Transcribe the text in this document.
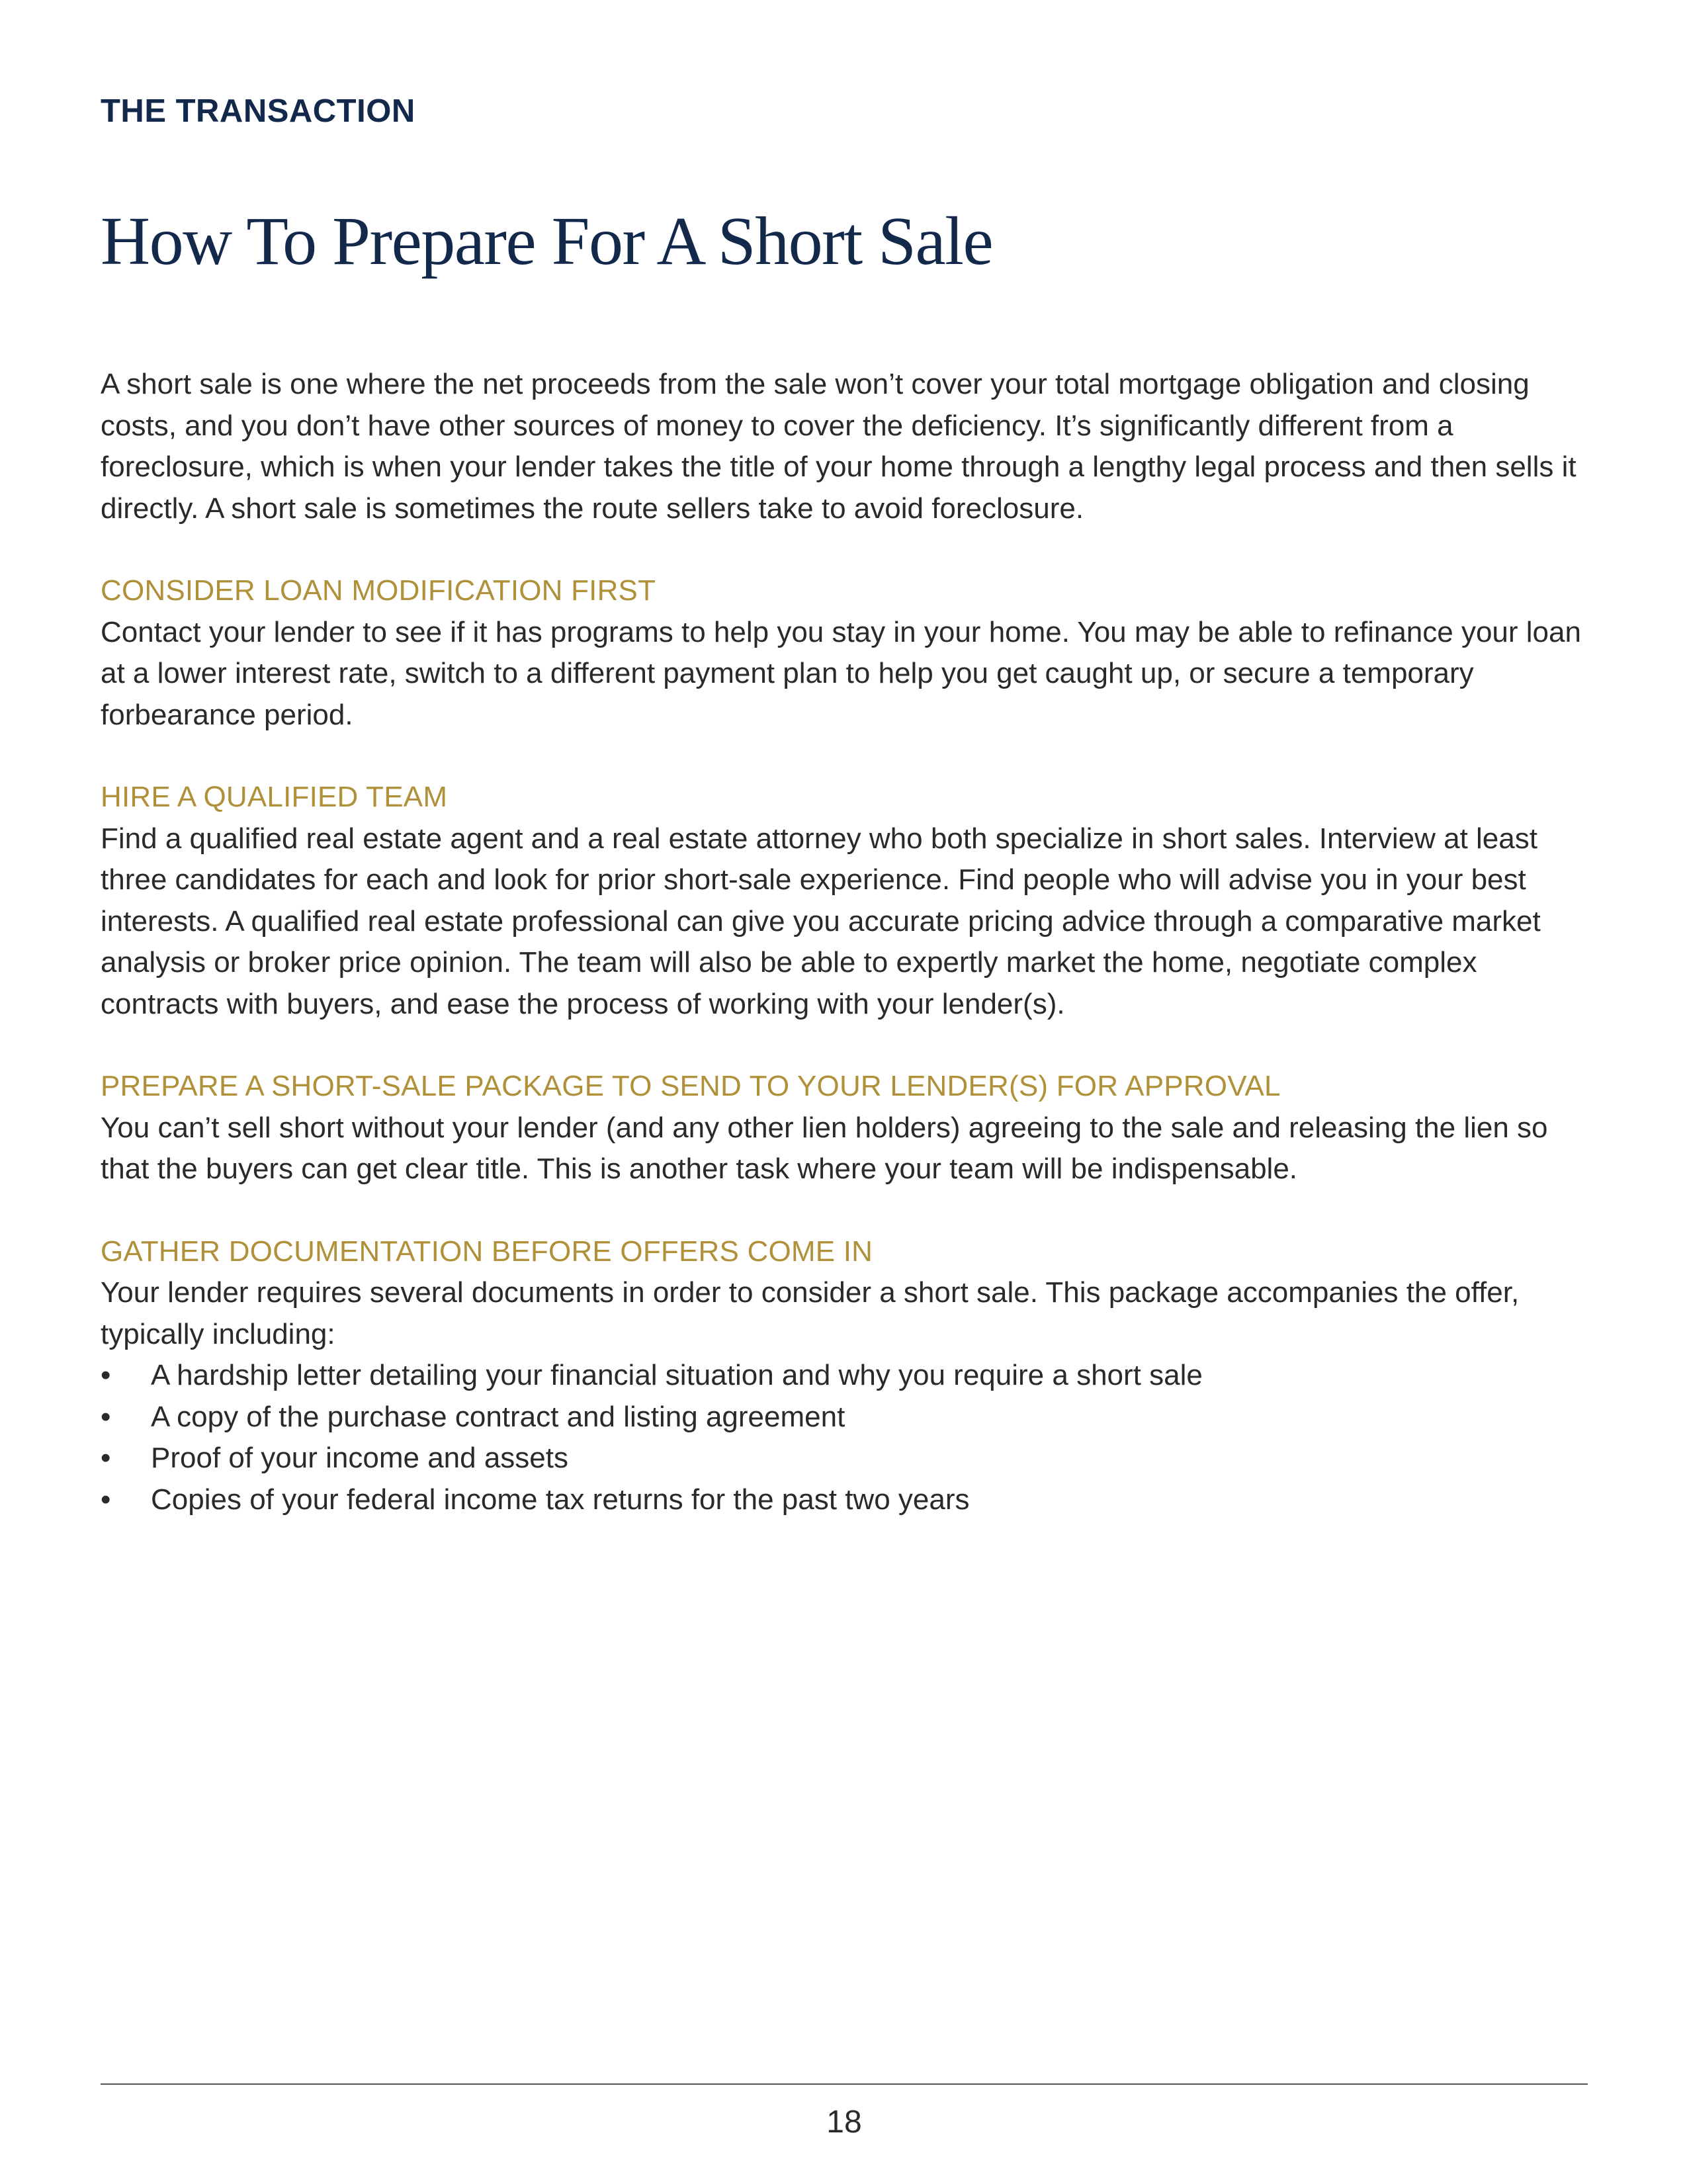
THE TRANSACTION
How To Prepare For A Short Sale

A short sale is one where the net proceeds from the sale won’t cover your total mortgage obligation and closing costs, and you don’t have other sources of money to cover the deficiency. It’s significantly different from a foreclosure, which is when your lender takes the title of your home through a lengthy legal process and then sells it directly. A short sale is sometimes the route sellers take to avoid foreclosure.

CONSIDER LOAN MODIFICATION FIRST

Contact your lender to see if it has programs to help you stay in your home. You may be able to refinance your loan at a lower interest rate, switch to a different payment plan to help you get caught up, or secure a temporary forbearance period.

HIRE A QUALIFIED TEAM

Find a qualified real estate agent and a real estate attorney who both specialize in short sales. Interview at least three candidates for each and look for prior short-sale experience. Find people who will advise you in your best interests. A qualified real estate professional can give you accurate pricing advice through a comparative market analysis or broker price opinion. The team will also be able to expertly market the home, negotiate complex contracts with buyers, and ease the process of working with your lender(s).

PREPARE A SHORT-SALE PACKAGE TO SEND TO YOUR LENDER(S) FOR APPROVAL

You can’t sell short without your lender (and any other lien holders) agreeing to the sale and releasing the lien so that the buyers can get clear title. This is another task where your team will be indispensable.

GATHER DOCUMENTATION BEFORE OFFERS COME IN

Your lender requires several documents in order to consider a short sale. This package accompanies the offer, typically including:

• A hardship letter detailing your financial situation and why you require a short sale
• A copy of the purchase contract and listing agreement
• Proof of your income and assets
• Copies of your federal income tax returns for the past two years
18
